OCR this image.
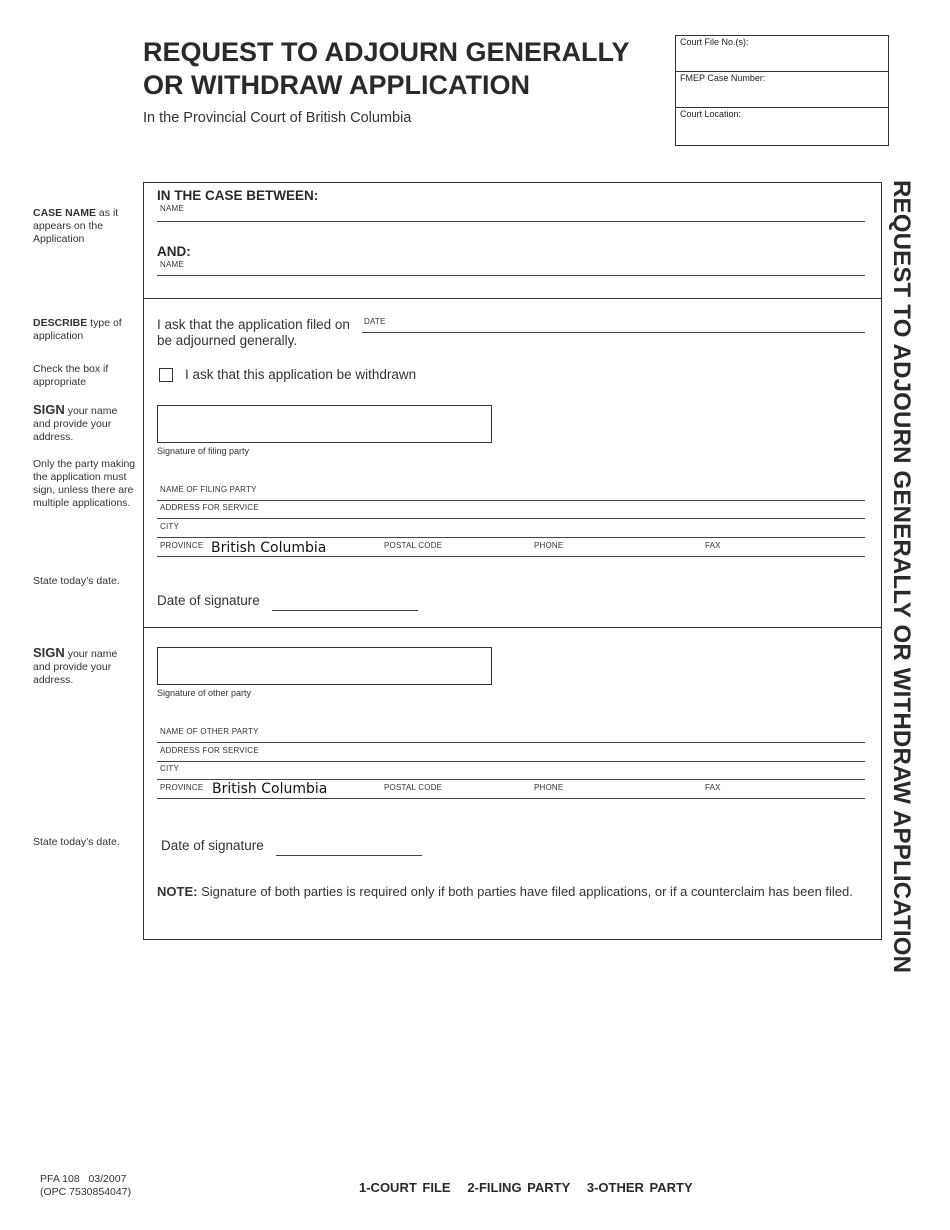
REQUEST TO ADJOURN GENERALLY
OR WITHDRAW APPLICATION
In the Provincial Court of British Columbia
Court File No.(s):
FMEP Case Number:
Court Location:
REQUEST TO ADJOURN GENERALLY OR WITHDRAW APPLICATION
CASE NAME as it appears on the Application
DESCRIBE type of application
Check the box if appropriate
SIGN your name and provide your address.
Only the party making the application must sign, unless there are multiple applications.
State today’s date.
SIGN your name and provide your address.
State today’s date.
IN THE CASE BETWEEN:
NAME
AND:
NAME
I ask that the application filed on
be adjourned generally.
DATE
I ask that this application be withdrawn
Signature of filing party
NAME OF FILING PARTY
ADDRESS FOR SERVICE
CITY
PROVINCE British Columbia	POSTAL CODE	PHONE	FAX
Date of signature
Signature of other party
NAME OF OTHER PARTY
ADDRESS FOR SERVICE
CITY
PROVINCE British Columbia	POSTAL CODE	PHONE	FAX
Date of signature
NOTE: Signature of both parties is required only if both parties have filed applications, or if a counterclaim has been filed.
PFA 108   03/2007
(OPC 7530854047)	1-COURT FILE   2-FILING PARTY   3-OTHER PARTY
